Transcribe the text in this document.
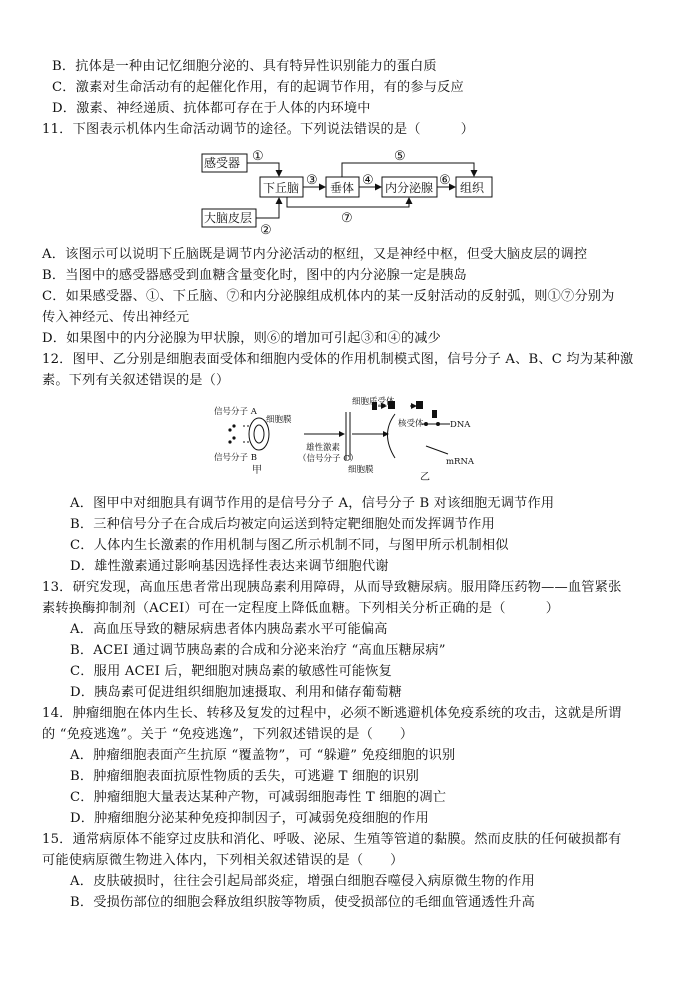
B．抗体是一种由记忆细胞分泌的、具有特异性识别能力的蛋白质
C．激素对生命活动有的起催化作用，有的起调节作用，有的参与反应
D．激素、神经递质、抗体都可存在于人体的内环境中
11．下图表示机体内生命活动调节的途径。下列说法错误的是（　　　）
感受器
大脑皮层
下丘脑	垂体	内分泌腺 组织
①
②
③	④
⑤
⑥
⑦
A．该图示可以说明下丘脑既是调节内分泌活动的枢纽，又是神经中枢，但受大脑皮层的调控
B．当图中的感受器感受到血糖含量变化时，图中的内分泌腺一定是胰岛
C．如果感受器、①、下丘脑、⑦和内分泌腺组成机体内的某一反射活动的反射弧，则①⑦分别为
传入神经元、传出神经元
D．如果图中的内分泌腺为甲状腺，则⑥的增加可引起③和④的减少
12．图甲、乙分别是细胞表面受体和细胞内受体的作用机制模式图，信号分子 A、B、C 均为某种激
素。下列有关叙述错误的是（）
信号分子 A
细胞膜
信号分子 B
甲
细胞质受体
核受体	DNA
mRNA
雄性激素
（信号分子 C）
细胞膜
乙
A．图甲中对细胞具有调节作用的是信号分子 A，信号分子 B 对该细胞无调节作用
B．三种信号分子在合成后均被定向运送到特定靶细胞处而发挥调节作用
C．人体内生长激素的作用机制与图乙所示机制不同，与图甲所示机制相似
D．雄性激素通过影响基因选择性表达来调节细胞代谢
13．研究发现，高血压患者常出现胰岛素利用障碍，从而导致糖尿病。服用降压药物——血管紧张
素转换酶抑制剂（ACEI）可在一定程度上降低血糖。下列相关分析正确的是（　　　）
A．高血压导致的糖尿病患者体内胰岛素水平可能偏高
B．ACEI 通过调节胰岛素的合成和分泌来治疗 “高血压糖尿病”
C．服用 ACEI 后，靶细胞对胰岛素的敏感性可能恢复
D．胰岛素可促进组织细胞加速摄取、利用和储存葡萄糖
14．肿瘤细胞在体内生长、转移及复发的过程中，必须不断逃避机体免疫系统的攻击，这就是所谓
的 “免疫逃逸”。关于 “免疫逃逸”，下列叙述错误的是（　　）
A．肿瘤细胞表面产生抗原 “覆盖物”，可 “躲避” 免疫细胞的识别
B．肿瘤细胞表面抗原性物质的丢失，可逃避 T 细胞的识别
C．肿瘤细胞大量表达某种产物，可减弱细胞毒性 T 细胞的凋亡
D．肿瘤细胞分泌某种免疫抑制因子，可减弱免疫细胞的作用
15．通常病原体不能穿过皮肤和消化、呼吸、泌尿、生殖等管道的黏膜。然而皮肤的任何破损都有
可能使病原微生物进入体内，下列相关叙述错误的是（　　）
A．皮肤破损时，往往会引起局部炎症，增强白细胞吞噬侵入病原微生物的作用
B．受损伤部位的细胞会释放组织胺等物质，使受损部位的毛细血管通透性升高
